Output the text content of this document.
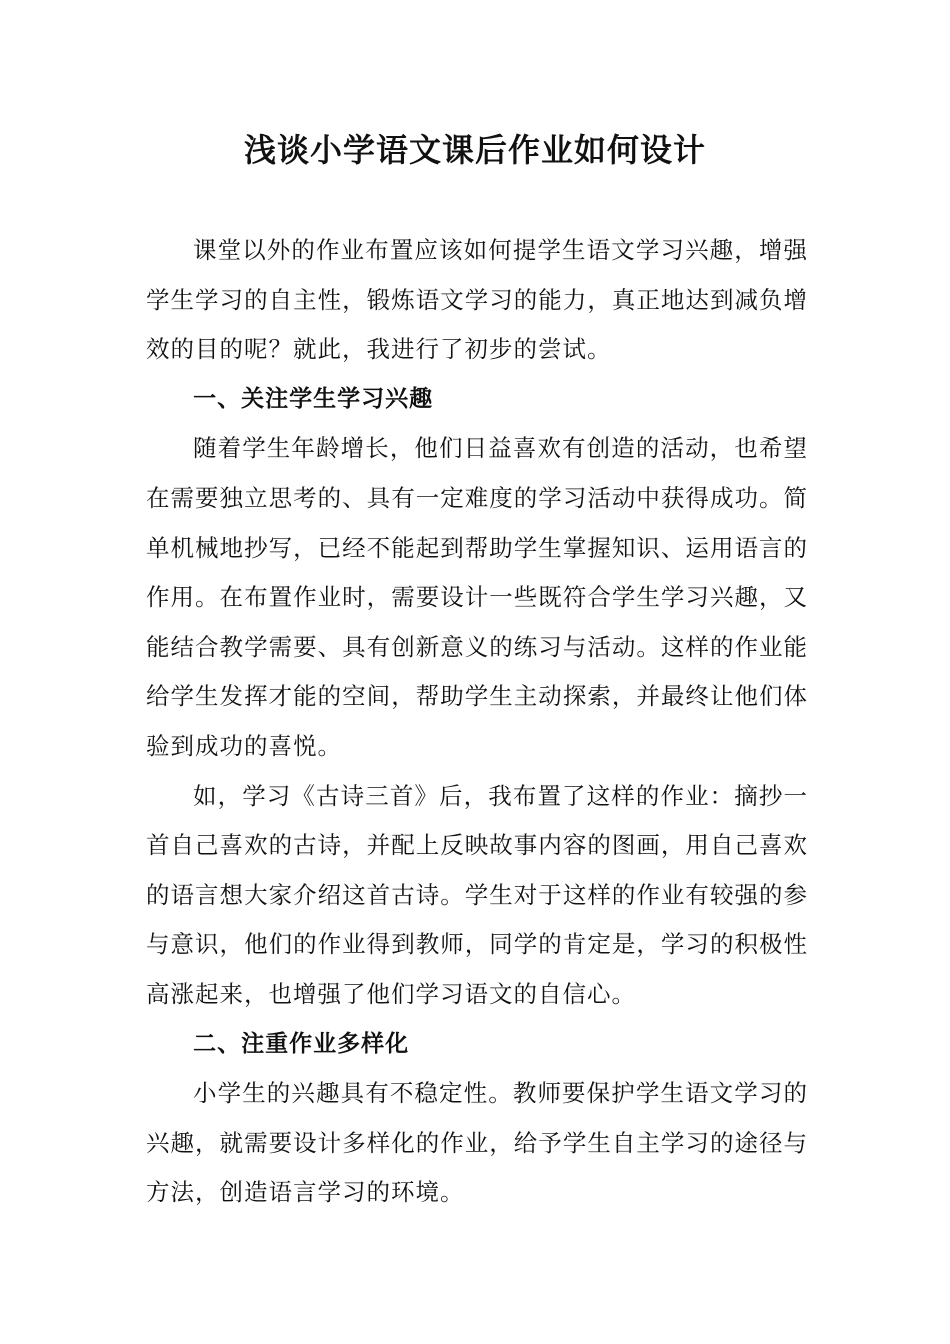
浅谈小学语文课后作业如何设计

课堂以外的作业布置应该如何提学生语文学习兴趣，增强学生学习的自主性，锻炼语文学习的能力，真正地达到减负增效的目的呢？就此，我进行了初步的尝试。

一、关注学生学习兴趣

随着学生年龄增长，他们日益喜欢有创造的活动，也希望在需要独立思考的、具有一定难度的学习活动中获得成功。简单机械地抄写，已经不能起到帮助学生掌握知识、运用语言的作用。在布置作业时，需要设计一些既符合学生学习兴趣，又能结合教学需要、具有创新意义的练习与活动。这样的作业能给学生发挥才能的空间，帮助学生主动探索，并最终让他们体验到成功的喜悦。

如，学习《古诗三首》后，我布置了这样的作业：摘抄一首自己喜欢的古诗，并配上反映故事内容的图画，用自己喜欢的语言想大家介绍这首古诗。学生对于这样的作业有较强的参与意识，他们的作业得到教师，同学的肯定是，学习的积极性高涨起来，也增强了他们学习语文的自信心。

二、注重作业多样化

小学生的兴趣具有不稳定性。教师要保护学生语文学习的兴趣，就需要设计多样化的作业，给予学生自主学习的途径与方法，创造语言学习的环境。
